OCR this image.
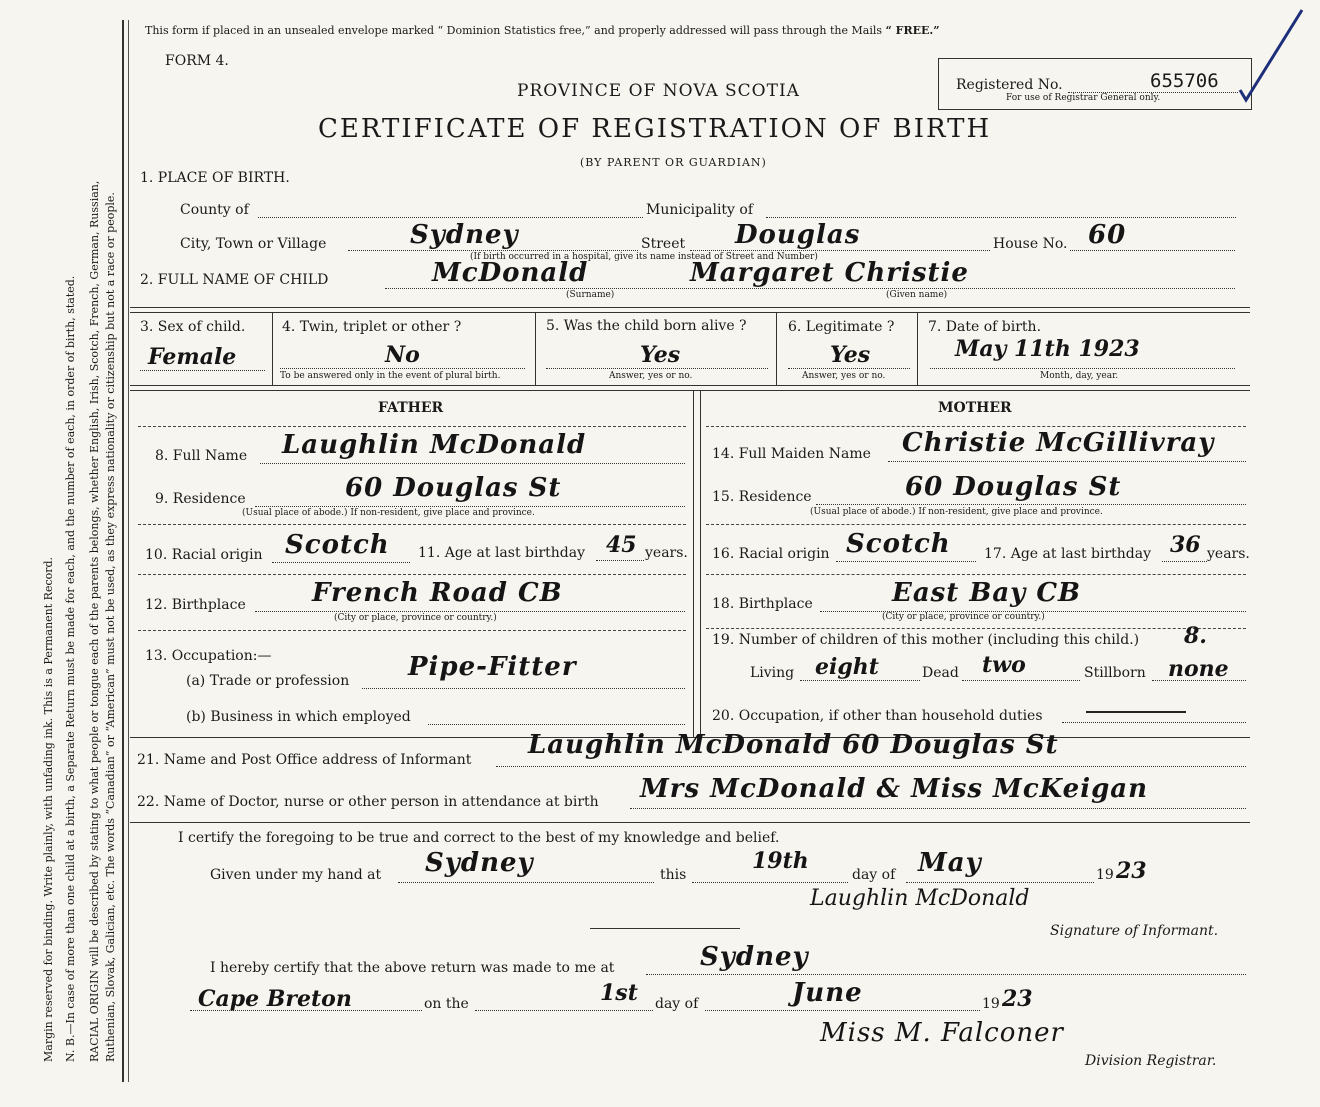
Margin reserved for binding. Write plainly, with unfading ink. This is a Permanent Record. N. B.—In case of more than one child at a birth, a Separate Return must be made for each, and the number of each, in order of birth, stated. RACIAL ORIGIN will be described by stating to what people or tongue each of the parents belongs, whether English, Irish, Scotch, French, German, Russian, Ruthenian, Slovak, Galician, etc. The words “Canadian” or “American” must not be used, as they express nationality or citizenship but not a race or people.
This form if placed in an unsealed envelope marked “ Dominion Statistics free,” and properly addressed will pass through the Mails “ FREE.”
FORM 4.
PROVINCE OF NOVA SCOTIA
CERTIFICATE OF REGISTRATION OF BIRTH
(BY PARENT OR GUARDIAN)
Registered No.	655706
For use of Registrar General only.
1. PLACE OF BIRTH.
County of	Municipality of
City, Town or Village	Sydney	Street Douglas	House No. 60
(If birth occurred in a hospital, give its name instead of Street and Number)
2. FULL NAME OF CHILD	McDonald	Margaret Christie
(Surname)	(Given name)
3. Sex of child.
Female
4. Twin, triplet or other ?
No
To be answered only in the event of plural birth.
5. Was the child born alive ?
Yes
Answer, yes or no.
6. Legitimate ?
Yes
Answer, yes or no.
7. Date of birth.
May 11th 1923
Month, day, year.
FATHER	MOTHER
8. Full Name Laughlin McDonald
9. Residence	60 Douglas St
(Usual place of abode.) If non-resident, give place and province.
10. Racial origin Scotch 11. Age at last birthday 45 years.
12. Birthplace	French Road CB
(City or place, province or country.)
13. Occupation:—
(a) Trade or profession Pipe-Fitter
(b) Business in which employed
14. Full Maiden Name Christie McGillivray
15. Residence	60 Douglas St
(Usual place of abode.) If non-resident, give place and province.
16. Racial origin Scotch 17. Age at last birthday 36 years.
18. Birthplace	East Bay CB
(City or place, province or country.)
19. Number of children of this mother (including this child.) 8.
Living eight	Dead two	Stillborn none
20. Occupation, if other than household duties
21. Name and Post Office address of Informant Laughlin McDonald 60 Douglas St
22. Name of Doctor, nurse or other person in attendance at birth Mrs McDonald & Miss McKeigan
I certify the foregoing to be true and correct to the best of my knowledge and belief.
Given under my hand at Sydney	this
19th
day of May	19 23
Laughlin McDonald
Signature of Informant.
I hereby certify that the above return was made to me at	Sydney
Cape Breton	on the	1st day of	June	19 23
Miss M. Falconer
Division Registrar.
